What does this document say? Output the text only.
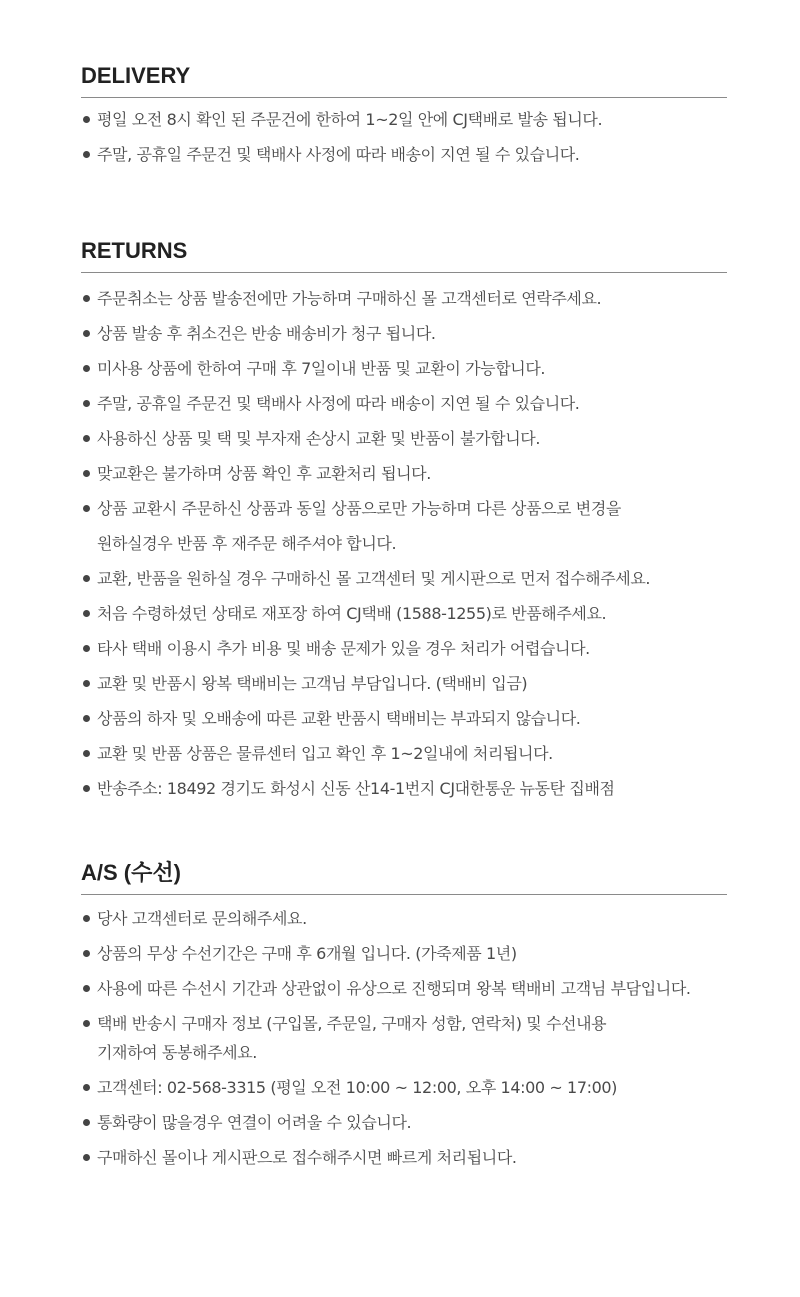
DELIVERY
평일 오전 8시 확인 된 주문건에 한하여 1~2일 안에 CJ택배로 발송 됩니다.
주말, 공휴일 주문건 및 택배사 사정에 따라 배송이 지연 될 수 있습니다.
RETURNS
주문취소는 상품 발송전에만 가능하며 구매하신 몰 고객센터로 연락주세요.
상품 발송 후 취소건은 반송 배송비가 청구 됩니다.
미사용 상품에 한하여 구매 후 7일이내 반품 및 교환이 가능합니다.
주말, 공휴일 주문건 및 택배사 사정에 따라 배송이 지연 될 수 있습니다.
사용하신 상품 및 택 및 부자재 손상시 교환 및 반품이 불가합니다.
맞교환은 불가하며 상품 확인 후 교환처리 됩니다.
상품 교환시 주문하신 상품과 동일 상품으로만 가능하며 다른 상품으로 변경을
원하실경우 반품 후 재주문 해주셔야 합니다.
교환, 반품을 원하실 경우 구매하신 몰 고객센터 및 게시판으로 먼저 접수해주세요.
처음 수령하셨던 상태로 재포장 하여 CJ택배 (1588-1255)로 반품해주세요.
타사 택배 이용시 추가 비용 및 배송 문제가 있을 경우 처리가 어렵습니다.
교환 및 반품시 왕복 택배비는 고객님 부담입니다. (택배비 입금)
상품의 하자 및 오배송에 따른 교환 반품시 택배비는 부과되지 않습니다.
교환 및 반품 상품은 물류센터 입고 확인 후 1~2일내에 처리됩니다.
반송주소: 18492 경기도 화성시 신동 산14-1번지 CJ대한통운 뉴동탄 집배점
A/S (수선)
당사 고객센터로 문의해주세요.
상품의 무상 수선기간은 구매 후 6개월 입니다. (가죽제품 1년)
사용에 따른 수선시 기간과 상관없이 유상으로 진행되며 왕복 택배비 고객님 부담입니다.
택배 반송시 구매자 정보 (구입몰, 주문일, 구매자 성함, 연락처) 및 수선내용
기재하여 동봉해주세요.
고객센터: 02-568-3315 (평일 오전 10:00 ~ 12:00, 오후 14:00 ~ 17:00)
통화량이 많을경우 연결이 어려울 수 있습니다.
구매하신 몰이나 게시판으로 접수해주시면 빠르게 처리됩니다.
